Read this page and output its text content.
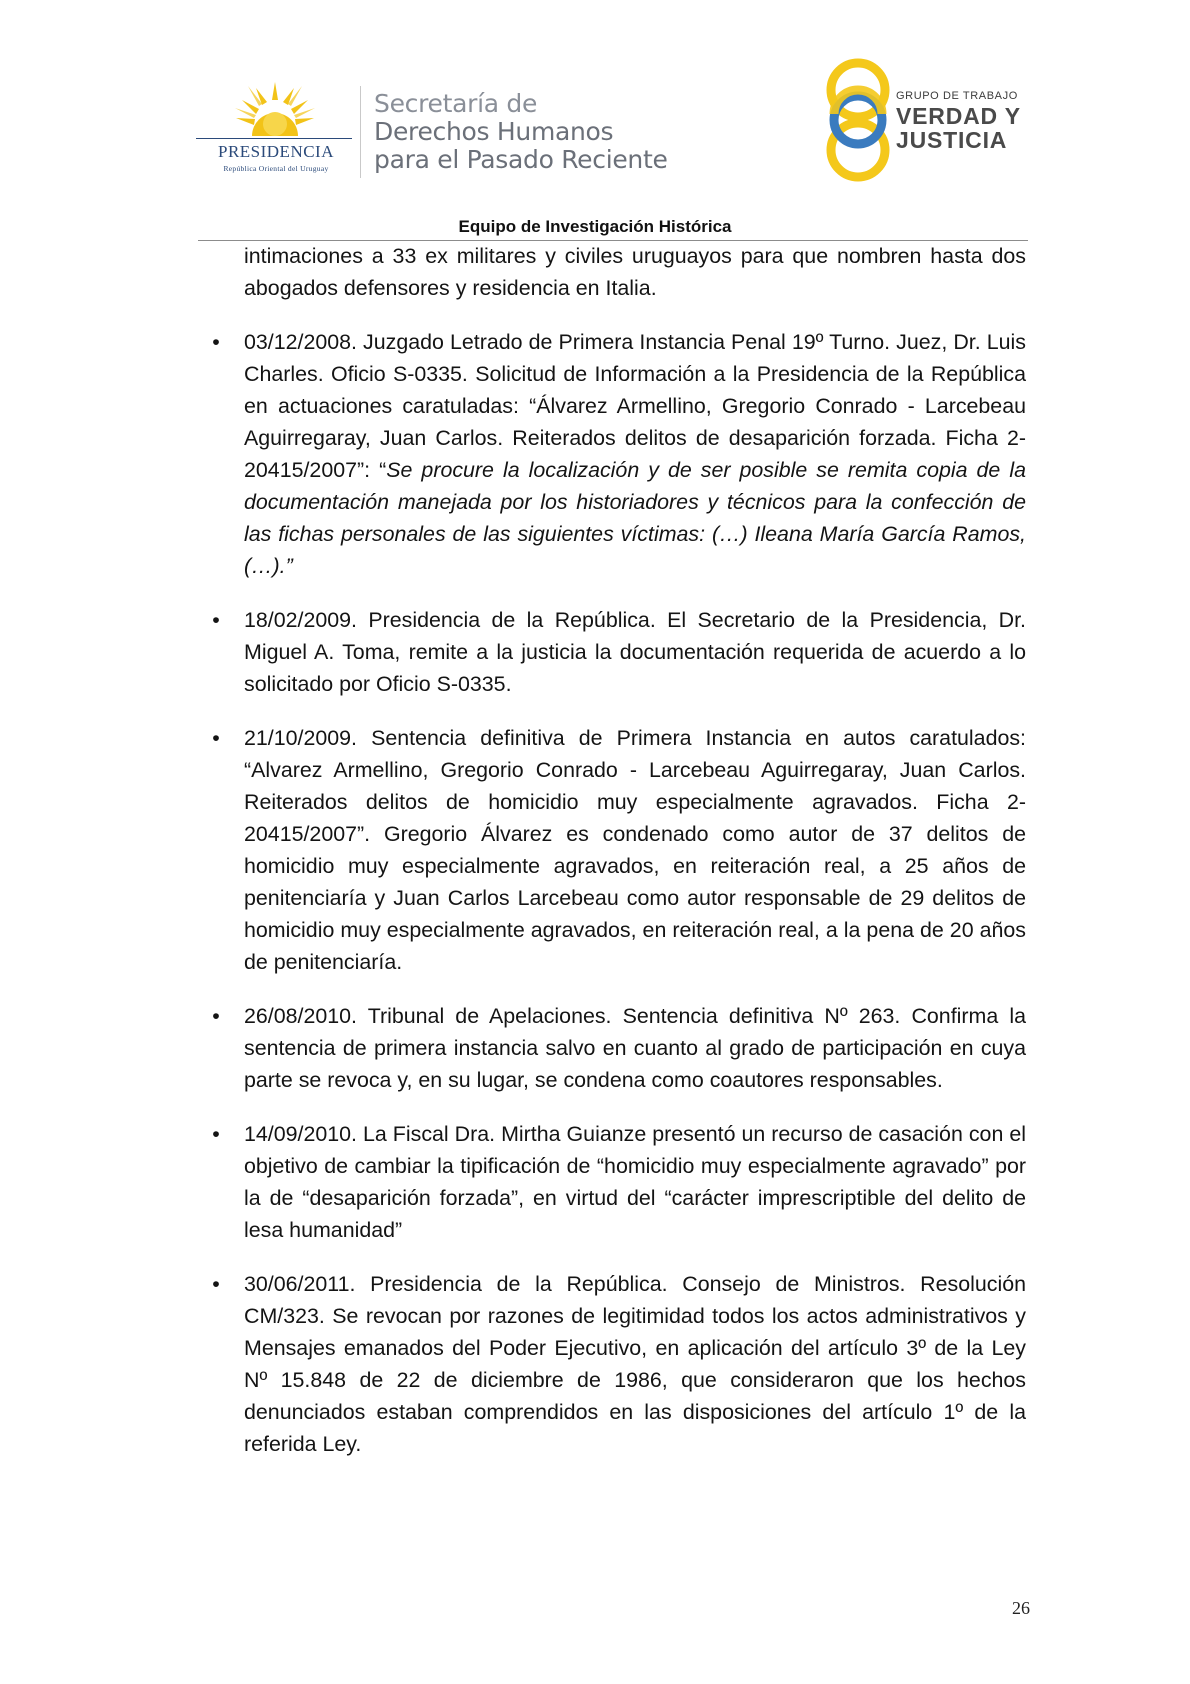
PRESIDENCIA
República Oriental del Uruguay
Secretaría de
Derechos Humanos
para el Pasado Reciente
GRUPO DE TRABAJO
VERDAD Y
JUSTICIA
Equipo de Investigación Histórica

intimaciones a 33 ex militares y civiles uruguayos para que nombren hasta dos abogados defensores y residencia en Italia.

• 03/12/2008. Juzgado Letrado de Primera Instancia Penal 19º Turno. Juez, Dr. Luis Charles. Oficio S-0335. Solicitud de Información a la Presidencia de la República en actuaciones caratuladas: “Álvarez Armellino, Gregorio Conrado - Larcebeau Aguirregaray, Juan Carlos. Reiterados delitos de desaparición forzada. Ficha 2-20415/2007”: “Se procure la localización y de ser posible se remita copia de la documentación manejada por los historiadores y técnicos para la confección de las fichas personales de las siguientes víctimas: (…) Ileana María García Ramos, (…).”

• 18/02/2009. Presidencia de la República. El Secretario de la Presidencia, Dr. Miguel A. Toma, remite a la justicia la documentación requerida de acuerdo a lo solicitado por Oficio S-0335.

• 21/10/2009. Sentencia definitiva de Primera Instancia en autos caratulados: “Alvarez Armellino, Gregorio Conrado - Larcebeau Aguirregaray, Juan Carlos. Reiterados delitos de homicidio muy especialmente agravados. Ficha 2-20415/2007”. Gregorio Álvarez es condenado como autor de 37 delitos de homicidio muy especialmente agravados, en reiteración real, a 25 años de penitenciaría y Juan Carlos Larcebeau como autor responsable de 29 delitos de homicidio muy especialmente agravados, en reiteración real, a la pena de 20 años de penitenciaría.

• 26/08/2010. Tribunal de Apelaciones. Sentencia definitiva Nº 263. Confirma la sentencia de primera instancia salvo en cuanto al grado de participación en cuya parte se revoca y, en su lugar, se condena como coautores responsables.

• 14/09/2010. La Fiscal Dra. Mirtha Guianze presentó un recurso de casación con el objetivo de cambiar la tipificación de “homicidio muy especialmente agravado” por la de “desaparición forzada”, en virtud del “carácter imprescriptible del delito de lesa humanidad”

• 30/06/2011. Presidencia de la República. Consejo de Ministros. Resolución CM/323. Se revocan por razones de legitimidad todos los actos administrativos y Mensajes emanados del Poder Ejecutivo, en aplicación del artículo 3º de la Ley Nº 15.848 de 22 de diciembre de 1986, que consideraron que los hechos denunciados estaban comprendidos en las disposiciones del artículo 1º de la referida Ley.

26
